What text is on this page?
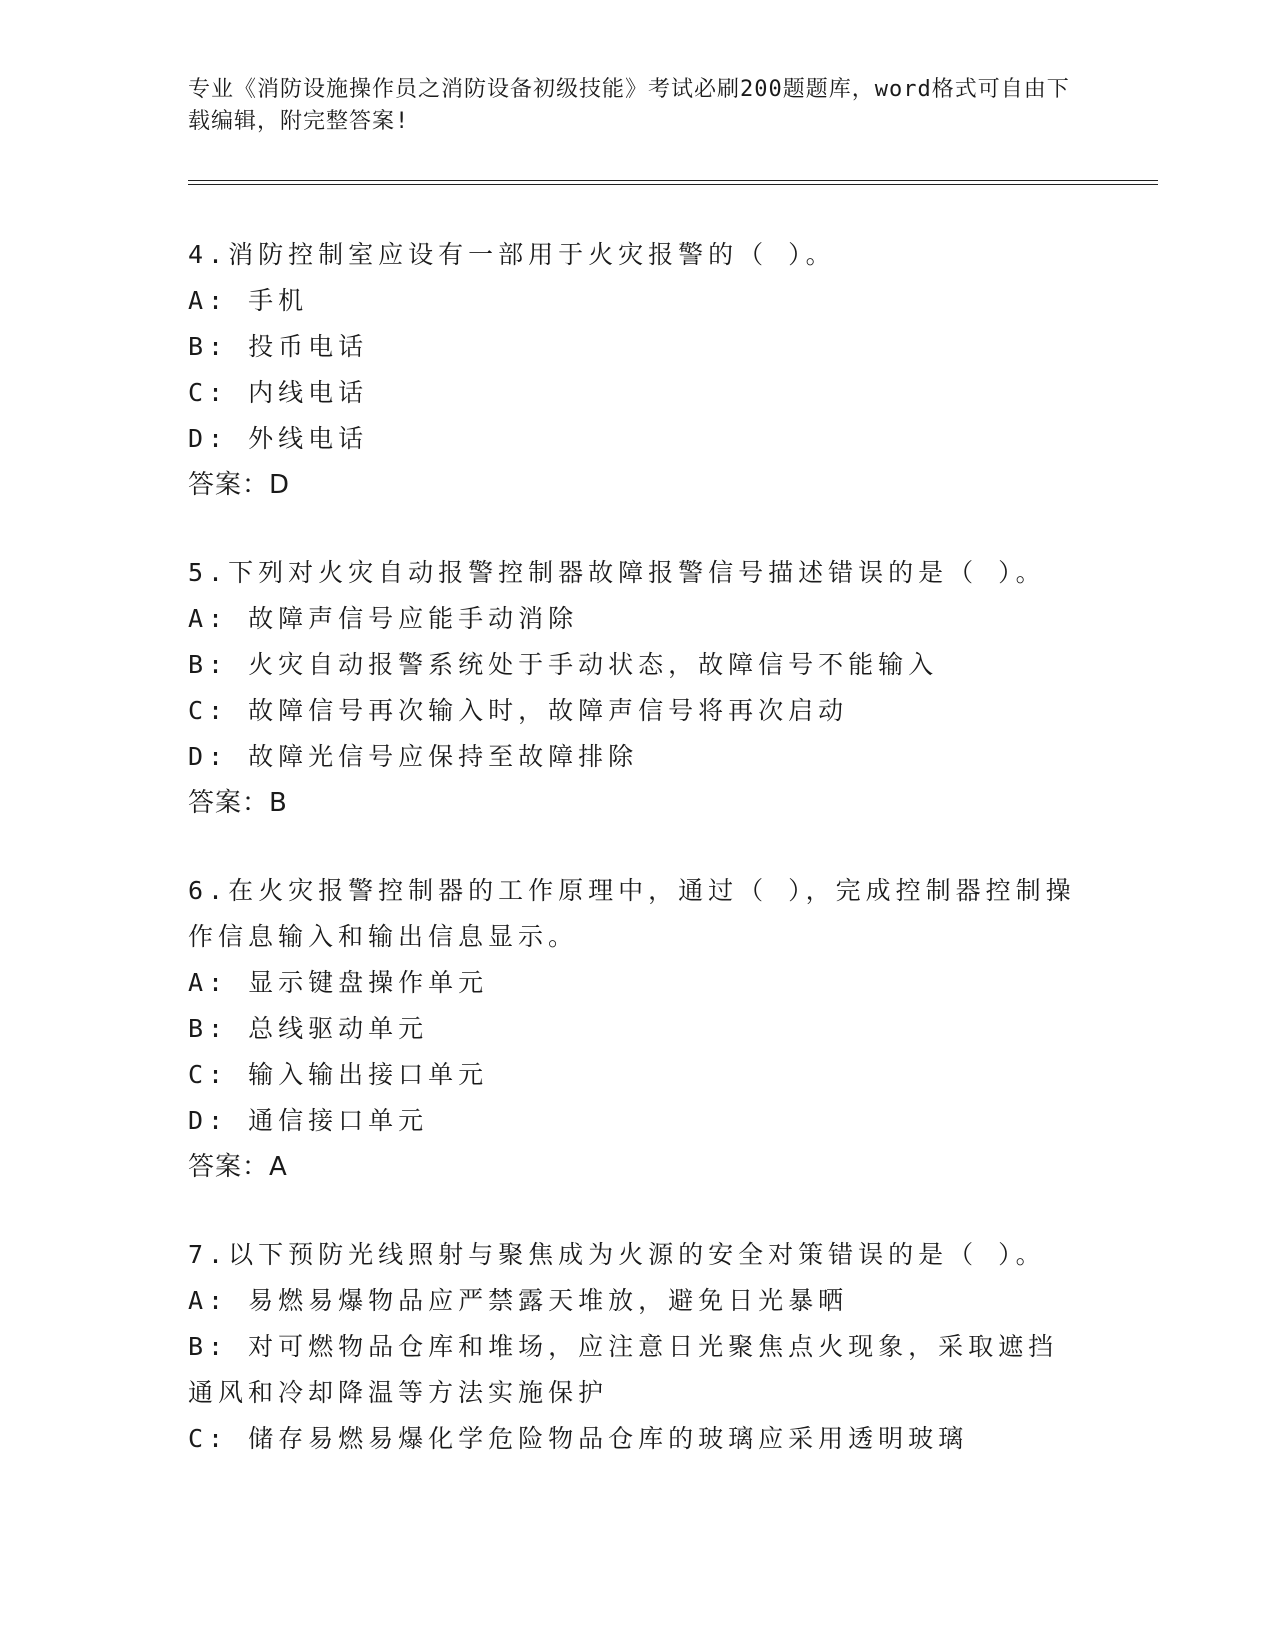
专业《消防设施操作员之消防设备初级技能》考试必刷200题题库，word格式可自由下载编辑，附完整答案!
4.消防控制室应设有一部用于火灾报警的（ ）。
A: 手机
B: 投币电话
C: 内线电话
D: 外线电话
答案：D
5.下列对火灾自动报警控制器故障报警信号描述错误的是（ ）。
A: 故障声信号应能手动消除
B: 火灾自动报警系统处于手动状态，故障信号不能输入
C: 故障信号再次输入时，故障声信号将再次启动
D: 故障光信号应保持至故障排除
答案：B
6.在火灾报警控制器的工作原理中，通过（ ），完成控制器控制操作信息输入和输出信息显示。
A: 显示键盘操作单元
B: 总线驱动单元
C: 输入输出接口单元
D: 通信接口单元
答案：A
7.以下预防光线照射与聚焦成为火源的安全对策错误的是（ ）。
A: 易燃易爆物品应严禁露天堆放，避免日光暴晒
B: 对可燃物品仓库和堆场，应注意日光聚焦点火现象，采取遮挡通风和冷却降温等方法实施保护
C: 储存易燃易爆化学危险物品仓库的玻璃应采用透明玻璃
